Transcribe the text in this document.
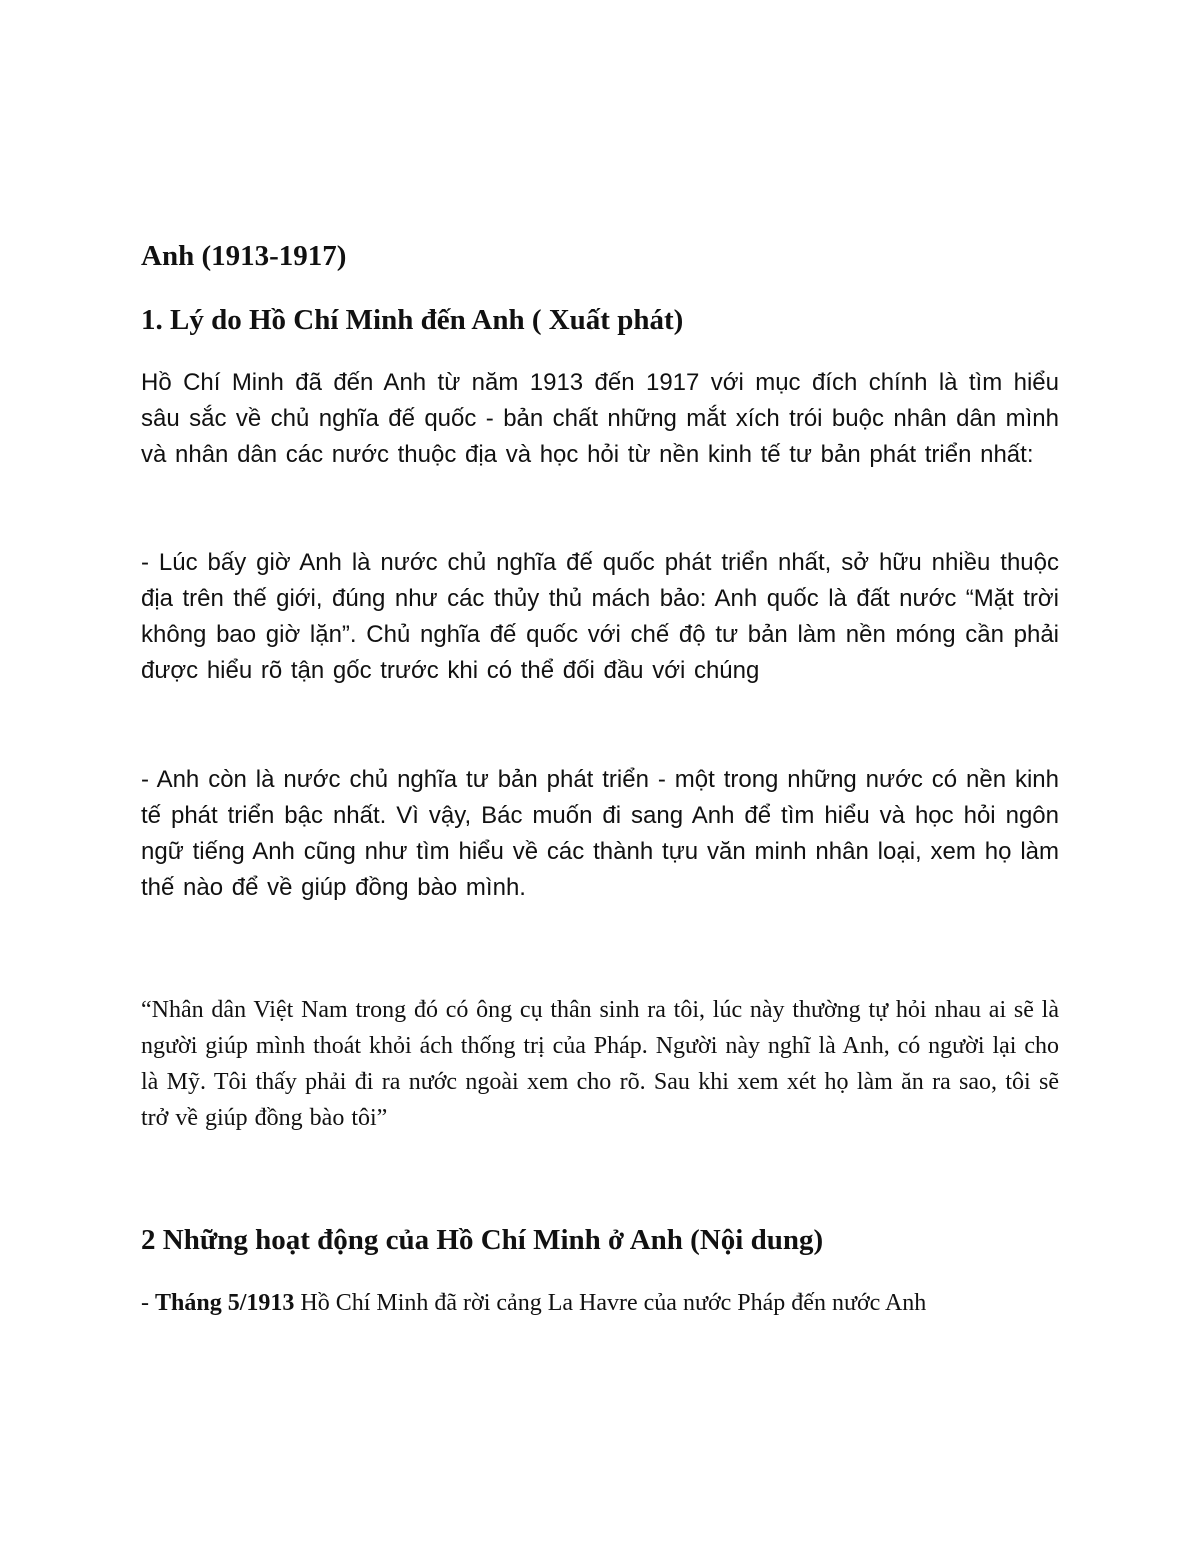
Anh (1913-1917)
1. Lý do Hồ Chí Minh đến Anh ( Xuất phát)

Hồ Chí Minh đã đến Anh từ năm 1913 đến 1917 với mục đích chính là tìm hiểu sâu sắc về chủ nghĩa đế quốc - bản chất những mắt xích trói buộc nhân dân mình và nhân dân các nước thuộc địa và học hỏi từ nền kinh tế tư bản phát triển nhất:

- Lúc bấy giờ Anh là nước chủ nghĩa đế quốc phát triển nhất, sở hữu nhiều thuộc địa trên thế giới, đúng như các thủy thủ mách bảo: Anh quốc là đất nước “Mặt trời không bao giờ lặn”. Chủ nghĩa đế quốc với chế độ tư bản làm nền móng cần phải được hiểu rõ tận gốc trước khi có thể đối đầu với chúng

- Anh còn là nước chủ nghĩa tư bản phát triển - một trong những nước có nền kinh tế phát triển bậc nhất. Vì vậy, Bác muốn đi sang Anh để tìm hiểu và học hỏi ngôn ngữ tiếng Anh cũng như tìm hiểu về các thành tựu văn minh nhân loại, xem họ làm thế nào để về giúp đồng bào mình.

“Nhân dân Việt Nam trong đó có ông cụ thân sinh ra tôi, lúc này thường tự hỏi nhau ai sẽ là người giúp mình thoát khỏi ách thống trị của Pháp. Người này nghĩ là Anh, có người lại cho là Mỹ. Tôi thấy phải đi ra nước ngoài xem cho rõ. Sau khi xem xét họ làm ăn ra sao, tôi sẽ trở về giúp đồng bào tôi”

2 Những hoạt động của Hồ Chí Minh ở Anh (Nội dung)

- Tháng 5/1913 Hồ Chí Minh đã rời cảng La Havre của nước Pháp đến nước Anh
